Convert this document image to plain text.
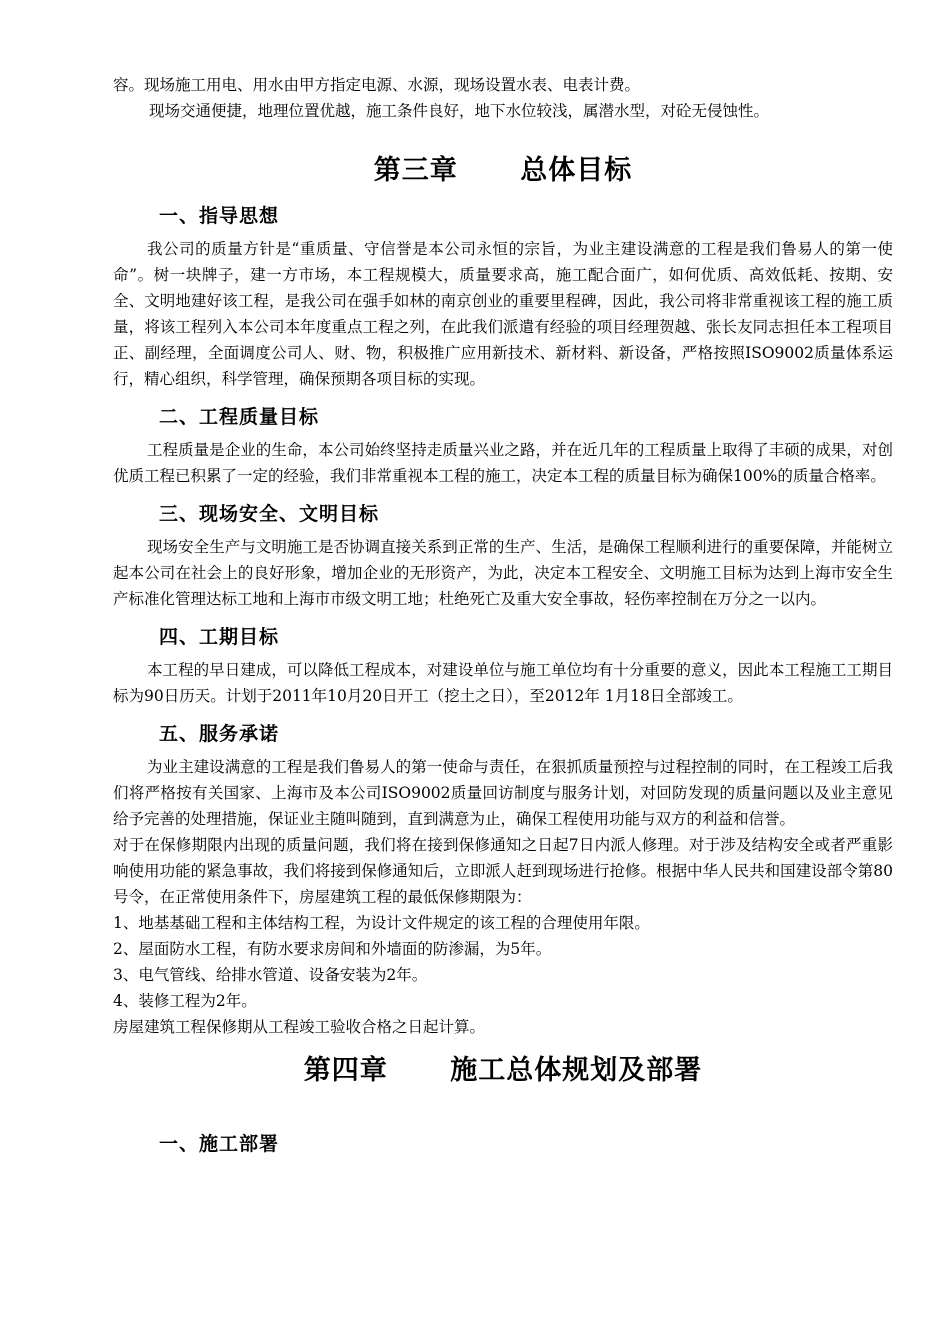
容。现场施工用电、用水由甲方指定电源、水源，现场设置水表、电表计费。
现场交通便捷，地理位置优越，施工条件良好，地下水位较浅，属潜水型，对砼无侵蚀性。
第三章      总体目标
一、指导思想
我公司的质量方针是“重质量、守信誉是本公司永恒的宗旨，为业主建设满意的工程是我们鲁易人的第一使命”。树一块牌子，建一方市场，本工程规模大，质量要求高，施工配合面广，如何优质、高效低耗、按期、安全、文明地建好该工程，是我公司在强手如林的南京创业的重要里程碑，因此，我公司将非常重视该工程的施工质量，将该工程列入本公司本年度重点工程之列，在此我们派遣有经验的项目经理贺越、张长友同志担任本工程项目正、副经理，全面调度公司人、财、物，积极推广应用新技术、新材料、新设备，严格按照ISO9002质量体系运行，精心组织，科学管理，确保预期各项目标的实现。
二、工程质量目标
工程质量是企业的生命，本公司始终坚持走质量兴业之路，并在近几年的工程质量上取得了丰硕的成果，对创优质工程已积累了一定的经验，我们非常重视本工程的施工，决定本工程的质量目标为确保100%的质量合格率。
三、现场安全、文明目标
现场安全生产与文明施工是否协调直接关系到正常的生产、生活，是确保工程顺利进行的重要保障，并能树立起本公司在社会上的良好形象，增加企业的无形资产，为此，决定本工程安全、文明施工目标为达到上海市安全生产标准化管理达标工地和上海市市级文明工地；杜绝死亡及重大安全事故，轻伤率控制在万分之一以内。
四、工期目标
本工程的早日建成，可以降低工程成本，对建设单位与施工单位均有十分重要的意义，因此本工程施工工期目标为90日历天。计划于2011年10月20日开工（挖土之日），至2012年 1月18日全部竣工。
五、服务承诺
为业主建设满意的工程是我们鲁易人的第一使命与责任，在狠抓质量预控与过程控制的同时，在工程竣工后我们将严格按有关国家、上海市及本公司ISO9002质量回访制度与服务计划，对回防发现的质量问题以及业主意见给予完善的处理措施，保证业主随叫随到，直到满意为止，确保工程使用功能与双方的利益和信誉。
对于在保修期限内出现的质量问题，我们将在接到保修通知之日起7日内派人修理。对于涉及结构安全或者严重影响使用功能的紧急事故，我们将接到保修通知后，立即派人赶到现场进行抢修。根据中华人民共和国建设部令第80号令，在正常使用条件下，房屋建筑工程的最低保修期限为：
1、地基基础工程和主体结构工程，为设计文件规定的该工程的合理使用年限。
2、屋面防水工程，有防水要求房间和外墙面的防渗漏，为5年。
3、电气管线、给排水管道、设备安装为2年。
4、装修工程为2年。
房屋建筑工程保修期从工程竣工验收合格之日起计算。
第四章      施工总体规划及部署
一、施工部署
